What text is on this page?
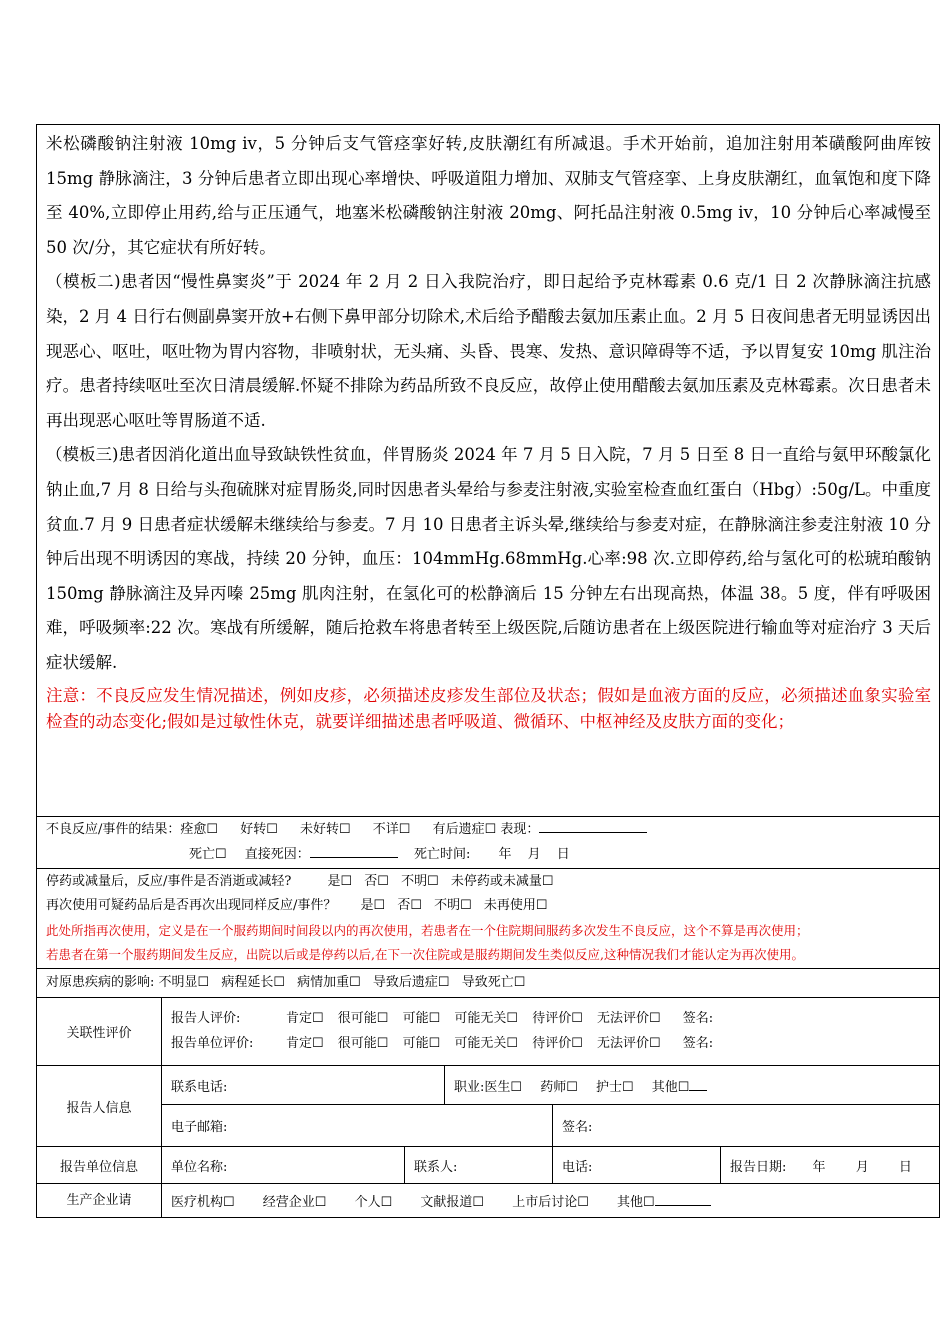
米松磷酸钠注射液 10mg iv，5 分钟后支气管痉挛好转,皮肤潮红有所减退。手术开始前，追加注射用苯磺酸阿曲库铵 15mg 静脉滴注，3 分钟后患者立即出现心率增快、呼吸道阻力增加、双肺支气管痉挛、上身皮肤潮红，血氧饱和度下降至 40%,立即停止用药,给与正压通气，地塞米松磷酸钠注射液 20mg、阿托品注射液 0.5mg iv，10 分钟后心率减慢至 50 次/分，其它症状有所好转。

（模板二)患者因“慢性鼻窦炎”于 2024 年 2 月 2 日入我院治疗，即日起给予克林霉素 0.6 克/1 日 2 次静脉滴注抗感染，2 月 4 日行右侧副鼻窦开放+右侧下鼻甲部分切除术,术后给予醋酸去氨加压素止血。2 月 5 日夜间患者无明显诱因出现恶心、呕吐，呕吐物为胃内容物，非喷射状，无头痛、头昏、畏寒、发热、意识障碍等不适，予以胃复安 10mg 肌注治疗。患者持续呕吐至次日清晨缓解.怀疑不排除为药品所致不良反应，故停止使用醋酸去氨加压素及克林霉素。次日患者未再出现恶心呕吐等胃肠道不适.

（模板三)患者因消化道出血导致缺铁性贫血，伴胃肠炎 2024 年 7 月 5 日入院，7 月 5 日至 8 日一直给与氨甲环酸氯化钠止血,7 月 8 日给与头孢硫脒对症胃肠炎,同时因患者头晕给与参麦注射液,实验室检查血红蛋白（Hbg）:50g/L。中重度贫血.7 月 9 日患者症状缓解未继续给与参麦。7 月 10 日患者主诉头晕,继续给与参麦对症，在静脉滴注参麦注射液 10 分钟后出现不明诱因的寒战，持续 20 分钟，血压：104mmHg.68mmHg.心率:98 次.立即停药,给与氢化可的松琥珀酸钠 150mg 静脉滴注及异丙嗪 25mg 肌肉注射，在氢化可的松静滴后 15 分钟左右出现高热，体温 38。5 度，伴有呼吸困难，呼吸频率:22 次。寒战有所缓解，随后抢救车将患者转至上级医院,后随访患者在上级医院进行输血等对症治疗 3 天后症状缓解.

注意：不良反应发生情况描述，例如皮疹，必须描述皮疹发生部位及状态；假如是血液方面的反应，必须描述血象实验室检查的动态变化;假如是过敏性休克，就要详细描述患者呼吸道、微循环、中枢神经及皮肤方面的变化；					

不良反应/事件的结果：痊愈☐ 好转☐ 未好转☐ 不详☐ 有后遗症☐ 表现：
死亡☐ 直接死因： 死亡时间: 年 月 日					

停药或减量后，反应/事件是否消逝或减轻? 是☐ 否☐ 不明☐ 未停药或未减量☐
再次使用可疑药品后是否再次出现同样反应/事件？ 是☐ 否☐ 不明☐ 未再使用☐
此处所指再次使用，定义是在一个服药期间时间段以内的再次使用，若患者在一个住院期间服药多次发生不良反应，这个不算是再次使用；
若患者在第一个服药期间发生反应，出院以后或是停药以后,在下一次住院或是服药期间发生类似反应,这种情况我们才能认定为再次使用。					

对原患疾病的影响: 不明显☐ 病程延长☐ 病情加重☐ 导致后遗症☐ 导致死亡☐					

关联性评价	报告人评价: 肯定☐ 很可能☐ 可能☐ 可能无关☐ 待评价☐ 无法评价☐ 签名:
报告单位评价: 肯定☐ 很可能☐ 可能☐ 可能无关☐ 待评价☐ 无法评价☐ 签名:				

报告人信息	联系电话:		职业:医生☐ 药师☐ 护士☐ 其他☐		
	电子邮箱:			签名:	
报告单位信息	单位名称:	联系人:		电话:	报告日期: 年 月 日
生产企业请	医疗机构☐ 经营企业☐ 个人☐ 文献报道☐ 上市后讨论☐ 其他☐				
